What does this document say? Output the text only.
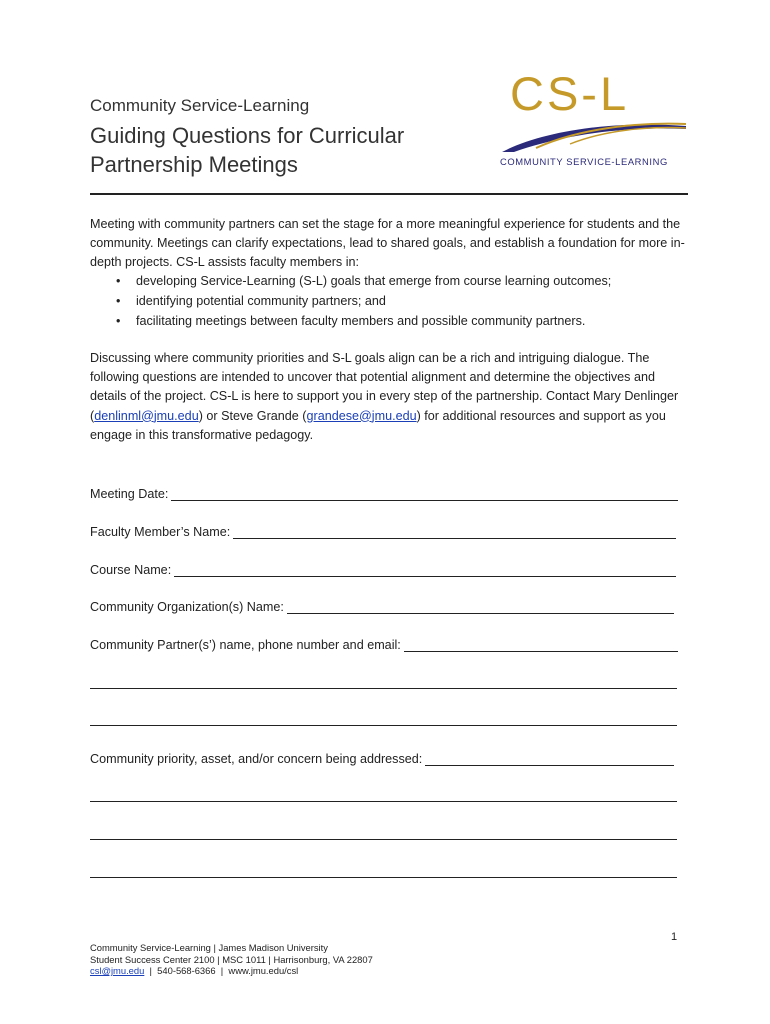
Community Service-Learning
Guiding Questions for Curricular
Partnership Meetings
CS-L
COMMUNITY SERVICE-LEARNING
Meeting with community partners can set the stage for a more meaningful experience for students and the community. Meetings can clarify expectations, lead to shared goals, and establish a foundation for more in-depth projects. CS-L assists faculty members in:
• developing Service-Learning (S-L) goals that emerge from course learning outcomes;
• identifying potential community partners; and
• facilitating meetings between faculty members and possible community partners.
Discussing where community priorities and S-L goals align can be a rich and intriguing dialogue. The following questions are intended to uncover that potential alignment and determine the objectives and details of the project. CS-L is here to support you in every step of the partnership. Contact Mary Denlinger (denlinml@jmu.edu) or Steve Grande (grandese@jmu.edu) for additional resources and support as you engage in this transformative pedagogy.
Meeting Date:
Faculty Member’s Name:
Course Name:
Community Organization(s) Name:
Community Partner(s’) name, phone number and email:
Community priority, asset, and/or concern being addressed:
1
Community Service-Learning | James Madison University
Student Success Center 2100 | MSC 1011 | Harrisonburg, VA 22807
csl@jmu.edu  |  540-568-6366  |  www.jmu.edu/csl
